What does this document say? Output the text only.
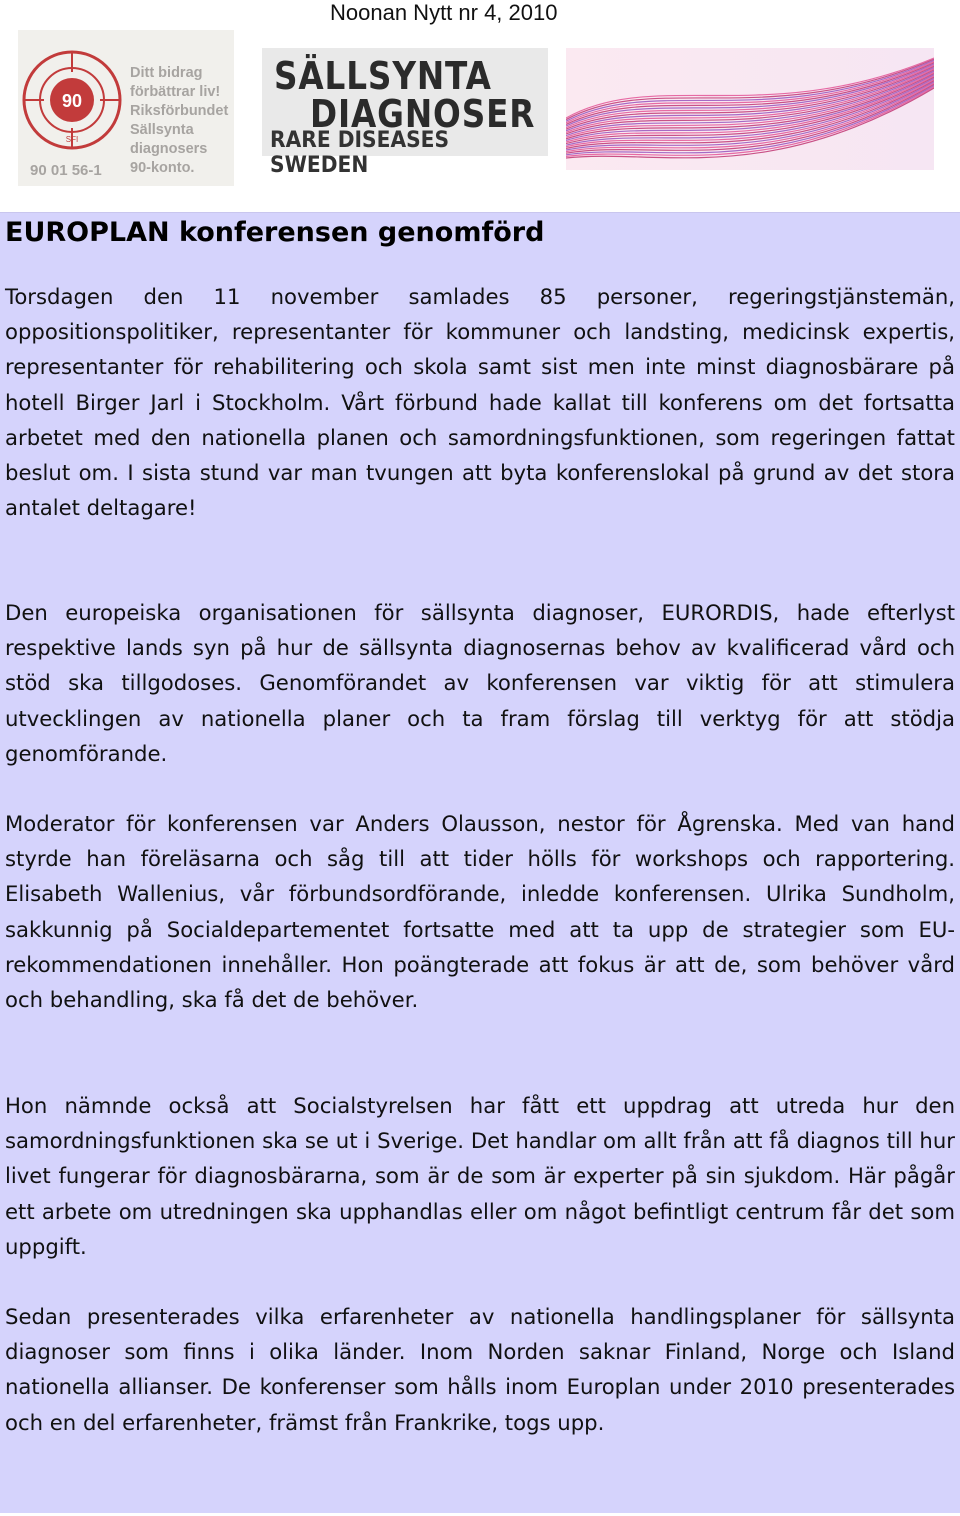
Noonan Nytt nr 4, 2010
90
SFI
Ditt bidrag
förbättrar liv!
Riksförbundet
Sällsynta
diagnosers
90-konto.
90 01 56-1
SÄLLSYNTA
DIAGNOSER
RARE DISEASES SWEDEN
EUROPLAN konferensen genomförd

Torsdagen den 11 november samlades 85 personer, regeringstjänstemän, oppositionspolitiker, representanter för kommuner och landsting, medicinsk expertis, representanter för rehabilitering och skola samt sist men inte minst diagnosbärare på hotell Birger Jarl i Stockholm. Vårt förbund hade kallat till konferens om det fortsatta arbetet med den nationella planen och samordningsfunktionen, som regeringen fattat beslut om. I sista stund var man tvungen att byta konferenslokal på grund av det stora antalet deltagare!

Den europeiska organisationen för sällsynta diagnoser, EURORDIS, hade efterlyst respektive lands syn på hur de sällsynta diagnosernas behov av kvalificerad vård och stöd ska tillgodoses. Genomförandet av konferensen var viktig för att stimulera utvecklingen av nationella planer och ta fram förslag till verktyg för att stödja genomförande.

Moderator för konferensen var Anders Olausson, nestor för Ågrenska. Med van hand styrde han föreläsarna och såg till att tider hölls för workshops och rapportering. Elisabeth Wallenius, vår förbundsordförande, inledde konferensen. Ulrika Sundholm, sakkunnig på Socialdepartementet fortsatte med att ta upp de strategier som EU-rekommendationen innehåller. Hon poängterade att fokus är att de, som behöver vård och behandling, ska få det de behöver.

Hon nämnde också att Socialstyrelsen har fått ett uppdrag att utreda hur den samordningsfunktionen ska se ut i Sverige. Det handlar om allt från att få diagnos till hur livet fungerar för diagnosbärarna, som är de som är experter på sin sjukdom. Här pågår ett arbete om utredningen ska upphandlas eller om något befintligt centrum får det som uppgift.

Sedan presenterades vilka erfarenheter av nationella handlingsplaner för sällsynta diagnoser som finns i olika länder. Inom Norden saknar Finland, Norge och Island nationella allianser. De konferenser som hålls inom Europlan under 2010 presenterades och en del erfarenheter, främst från Frankrike, togs upp.
